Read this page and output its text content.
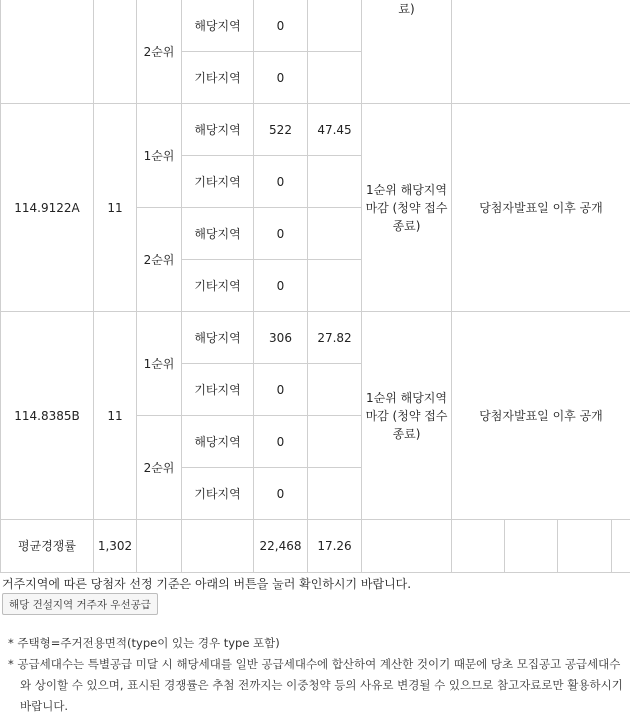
		2순위	해당지역	0		료)				
			기타지역	0						
114.9122A	11	1순위	해당지역	522	47.45	1순위 해당지역 마감 (청약 접수 종료)	당첨자발표일 이후 공개			
			기타지역	0						
		2순위	해당지역	0						
			기타지역	0						
114.8385B	11	1순위	해당지역	306	27.82	1순위 해당지역 마감 (청약 접수 종료)	당첨자발표일 이후 공개			
			기타지역	0						
		2순위	해당지역	0						
			기타지역	0						
평균경쟁률	1,302			22,468	17.26					
거주지역에 따른 당첨자 선정 기준은 아래의 버튼을 눌러 확인하시기 바랍니다.
해당 건설지역 거주자 우선공급
* 주택형=주거전용면적(type이 있는 경우 type 포함)
* 공급세대수는 특별공급 미달 시 해당세대를 일반 공급세대수에 합산하여 계산한 것이기 때문에 당초 모집공고 공급세대수와 상이할 수 있으며, 표시된 경쟁률은 추첨 전까지는 이중청약 등의 사유로 변경될 수 있으므로 참고자료로만 활용하시기 바랍니다.
